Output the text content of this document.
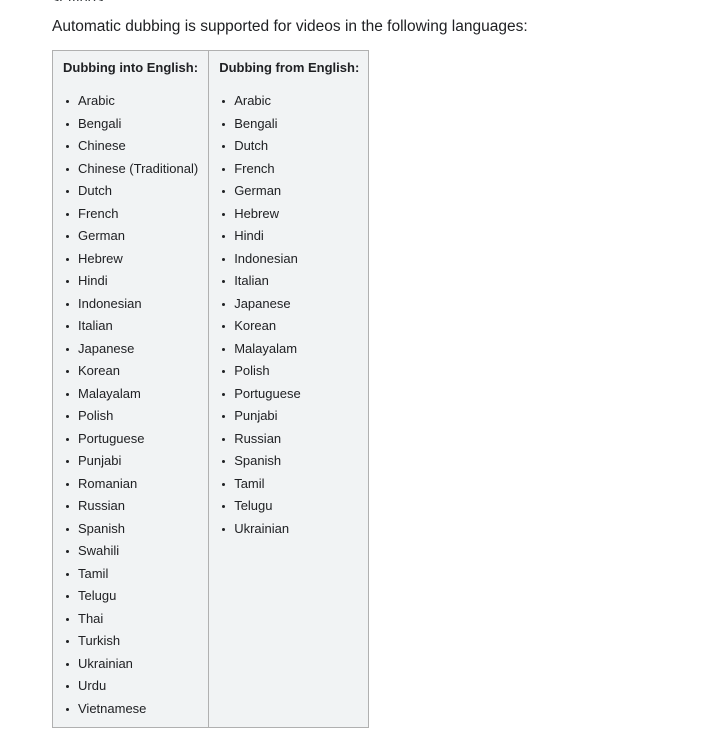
Automatic dubbing is supported for videos in the following languages:

Dubbing into English:
Arabic
Bengali
Chinese
Chinese (Traditional)
Dutch
French
German
Hebrew
Hindi
Indonesian
Italian
Japanese
Korean
Malayalam
Polish
Portuguese
Punjabi
Romanian
Russian
Spanish
Swahili
Tamil
Telugu
Thai
Turkish
Ukrainian
Urdu
Vietnamese
Dubbing from English:
Arabic
Bengali
Dutch
French
German
Hebrew
Hindi
Indonesian
Italian
Japanese
Korean
Malayalam
Polish
Portuguese
Punjabi
Russian
Spanish
Tamil
Telugu
Ukrainian
